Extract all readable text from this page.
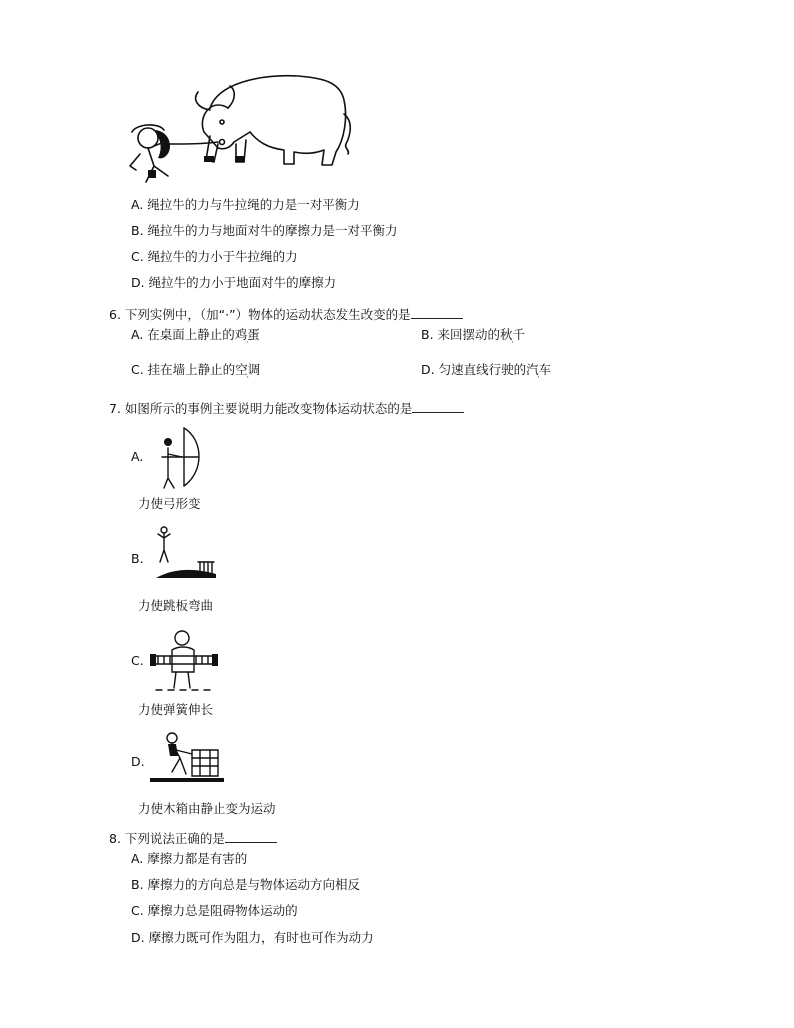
A. 绳拉牛的力与牛拉绳的力是一对平衡力
B. 绳拉牛的力与地面对牛的摩擦力是一对平衡力
C. 绳拉牛的力小于牛拉绳的力
D. 绳拉牛的力小于地面对牛的摩擦力
6. 下列实例中，（加“·”）物体的运动状态发生改变的是
A. 在桌面上静止的鸡蛋	B. 来回摆动的秋千
C. 挂在墙上静止的空调	D. 匀速直线行驶的汽车
7. 如图所示的事例主要说明力能改变物体运动状态的是
A.
力使弓形变
B.
力使跳板弯曲
C.
力使弹簧伸长
D.
力使木箱由静止变为运动
8. 下列说法正确的是
A. 摩擦力都是有害的
B. 摩擦力的方向总是与物体运动方向相反
C. 摩擦力总是阻碍物体运动的
D. 摩擦力既可作为阻力，有时也可作为动力
